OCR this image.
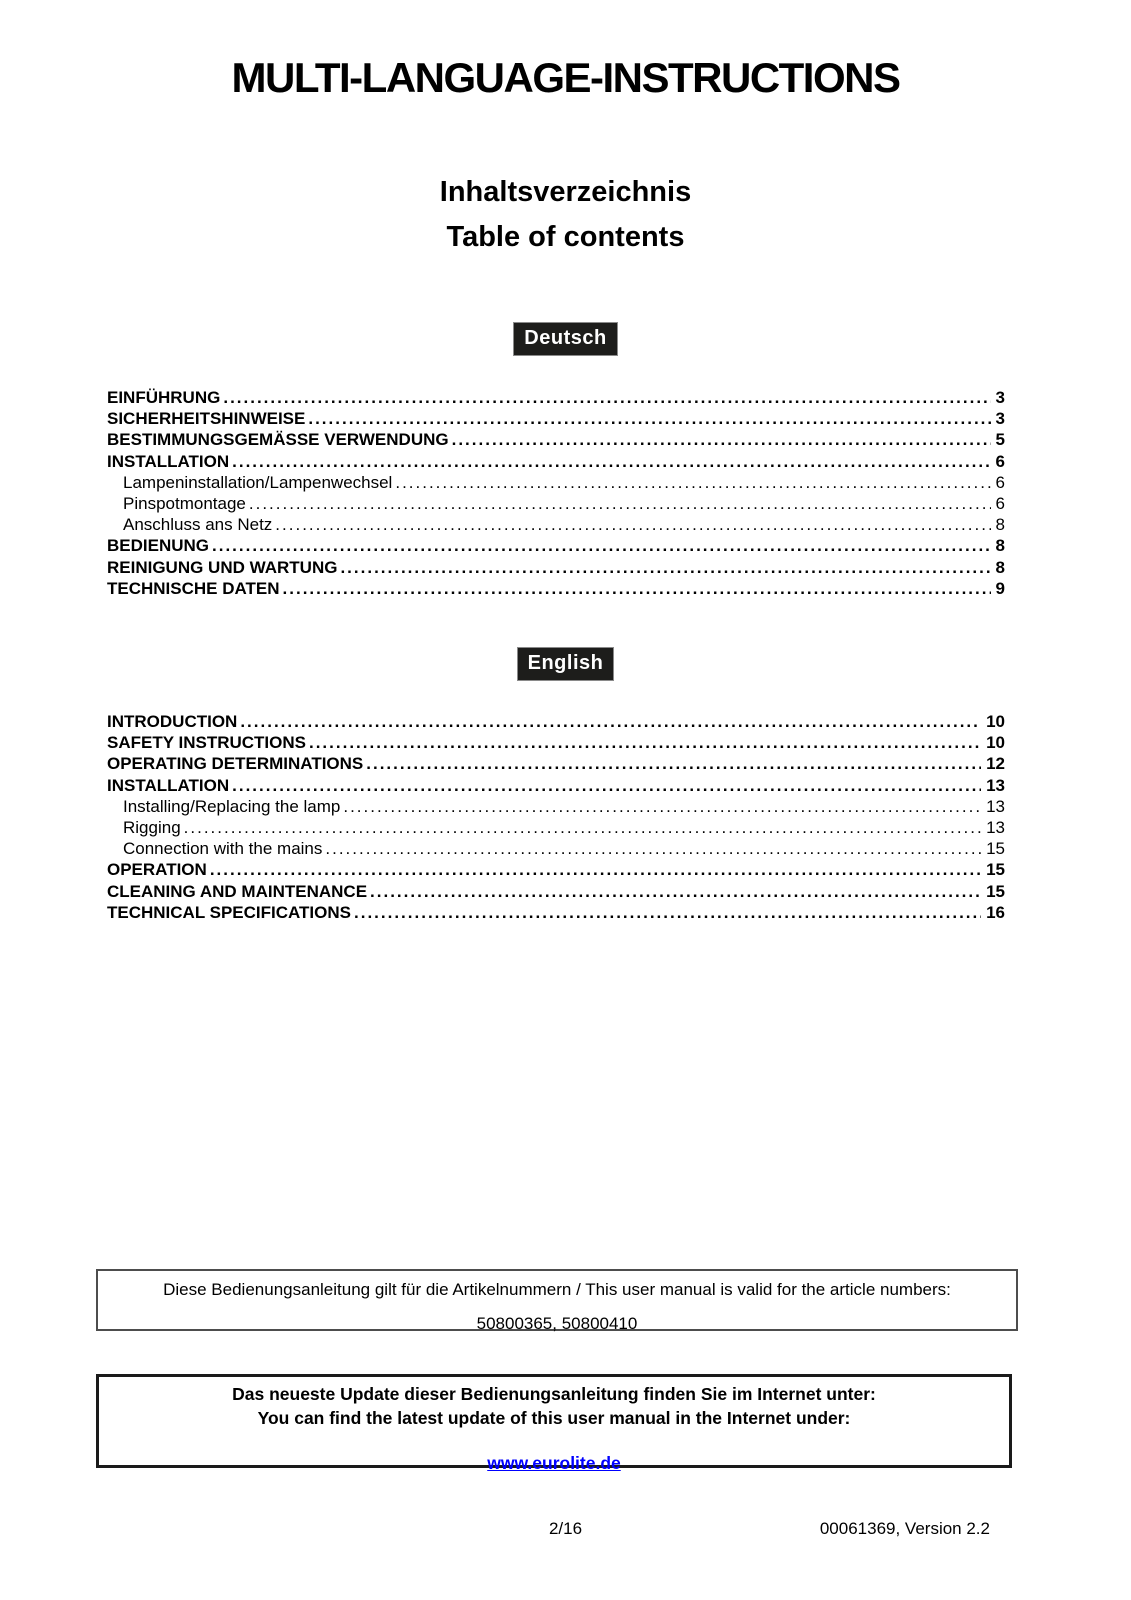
MULTI-LANGUAGE-INSTRUCTIONS
Inhaltsverzeichnis
Table of contents
Deutsch
EINFÜHRUNG .....	3
SICHERHEITSHINWEISE .....	3
BESTIMMUNGSGEMÄSSE VERWENDUNG .....	5
INSTALLATION .....	6
Lampeninstallation/Lampenwechsel .....	6
Pinspotmontage .....	6
Anschluss ans Netz .....	8
BEDIENUNG .....	8
REINIGUNG UND WARTUNG .....	8
TECHNISCHE DATEN .....	9
English
INTRODUCTION .....	10
SAFETY INSTRUCTIONS .....	10
OPERATING DETERMINATIONS .....	12
INSTALLATION .....	13
Installing/Replacing the lamp .....	13
Rigging .....	13
Connection with the mains .....	15
OPERATION .....	15
CLEANING AND MAINTENANCE .....	15
TECHNICAL SPECIFICATIONS .....	16
Diese Bedienungsanleitung gilt für die Artikelnummern / This user manual is valid for the article numbers:
50800365, 50800410
Das neueste Update dieser Bedienungsanleitung finden Sie im Internet unter:
You can find the latest update of this user manual in the Internet under:
www.eurolite.de
2/16	00061369, Version 2.2
